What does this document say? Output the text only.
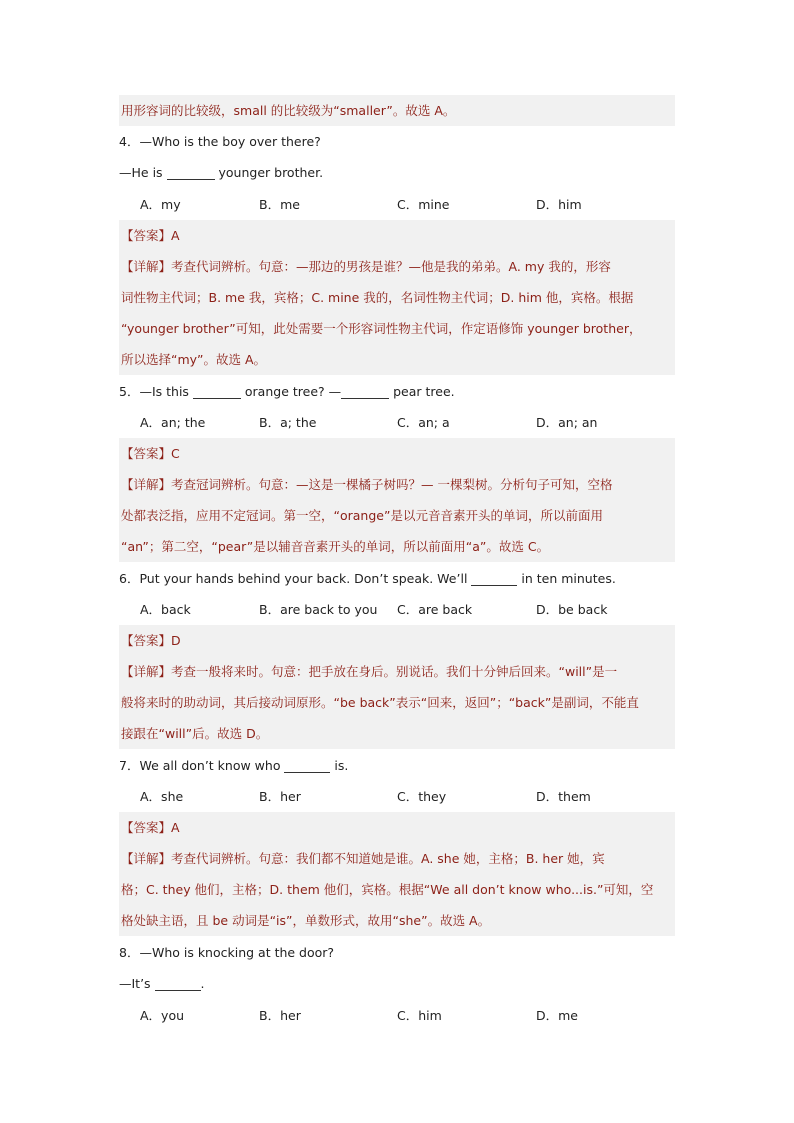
用形容词的比较级，small 的比较级为“smaller”。故选 A。
4．—Who is the boy over there?
—He is	younger brother.
A．my	B．me	C．mine	D．him
【答案】A
【详解】考查代词辨析。句意：—那边的男孩是谁？—他是我的弟弟。A. my 我的，形容
词性物主代词；B. me 我，宾格；C. mine 我的，名词性物主代词；D. him 他，宾格。根据
“younger brother”可知，此处需要一个形容词性物主代词，作定语修饰 younger brother，
所以选择“my”。故选 A。
5．—Is this	orange tree? —	pear tree.
A．an; the	B．a; the	C．an; a	D．an; an
【答案】C
【详解】考查冠词辨析。句意：—这是一棵橘子树吗？— 一棵梨树。分析句子可知，空格
处都表泛指，应用不定冠词。第一空，“orange”是以元音音素开头的单词，所以前面用
“an”；第二空，“pear”是以辅音音素开头的单词，所以前面用“a”。故选 C。
6．Put your hands behind your back. Don’t speak. We’ll	in ten minutes.
A．back	B．are back to you C．are back	D．be back
【答案】D
【详解】考查一般将来时。句意：把手放在身后。别说话。我们十分钟后回来。“will”是一
般将来时的助动词，其后接动词原形。“be back”表示“回来，返回”；“back”是副词，不能直
接跟在“will”后。故选 D。
7．We all don’t know who	is.
A．she	B．her	C．they	D．them
【答案】A
【详解】考查代词辨析。句意：我们都不知道她是谁。A. she 她，主格；B. her 她，宾
格；C. they 他们，主格；D. them 他们，宾格。根据“We all don’t know who...is.”可知，空
格处缺主语，且 be 动词是“is”，单数形式，故用“she”。故选 A。
8．—Who is knocking at the door?
—It’s	.
A．you	B．her	C．him	D．me
